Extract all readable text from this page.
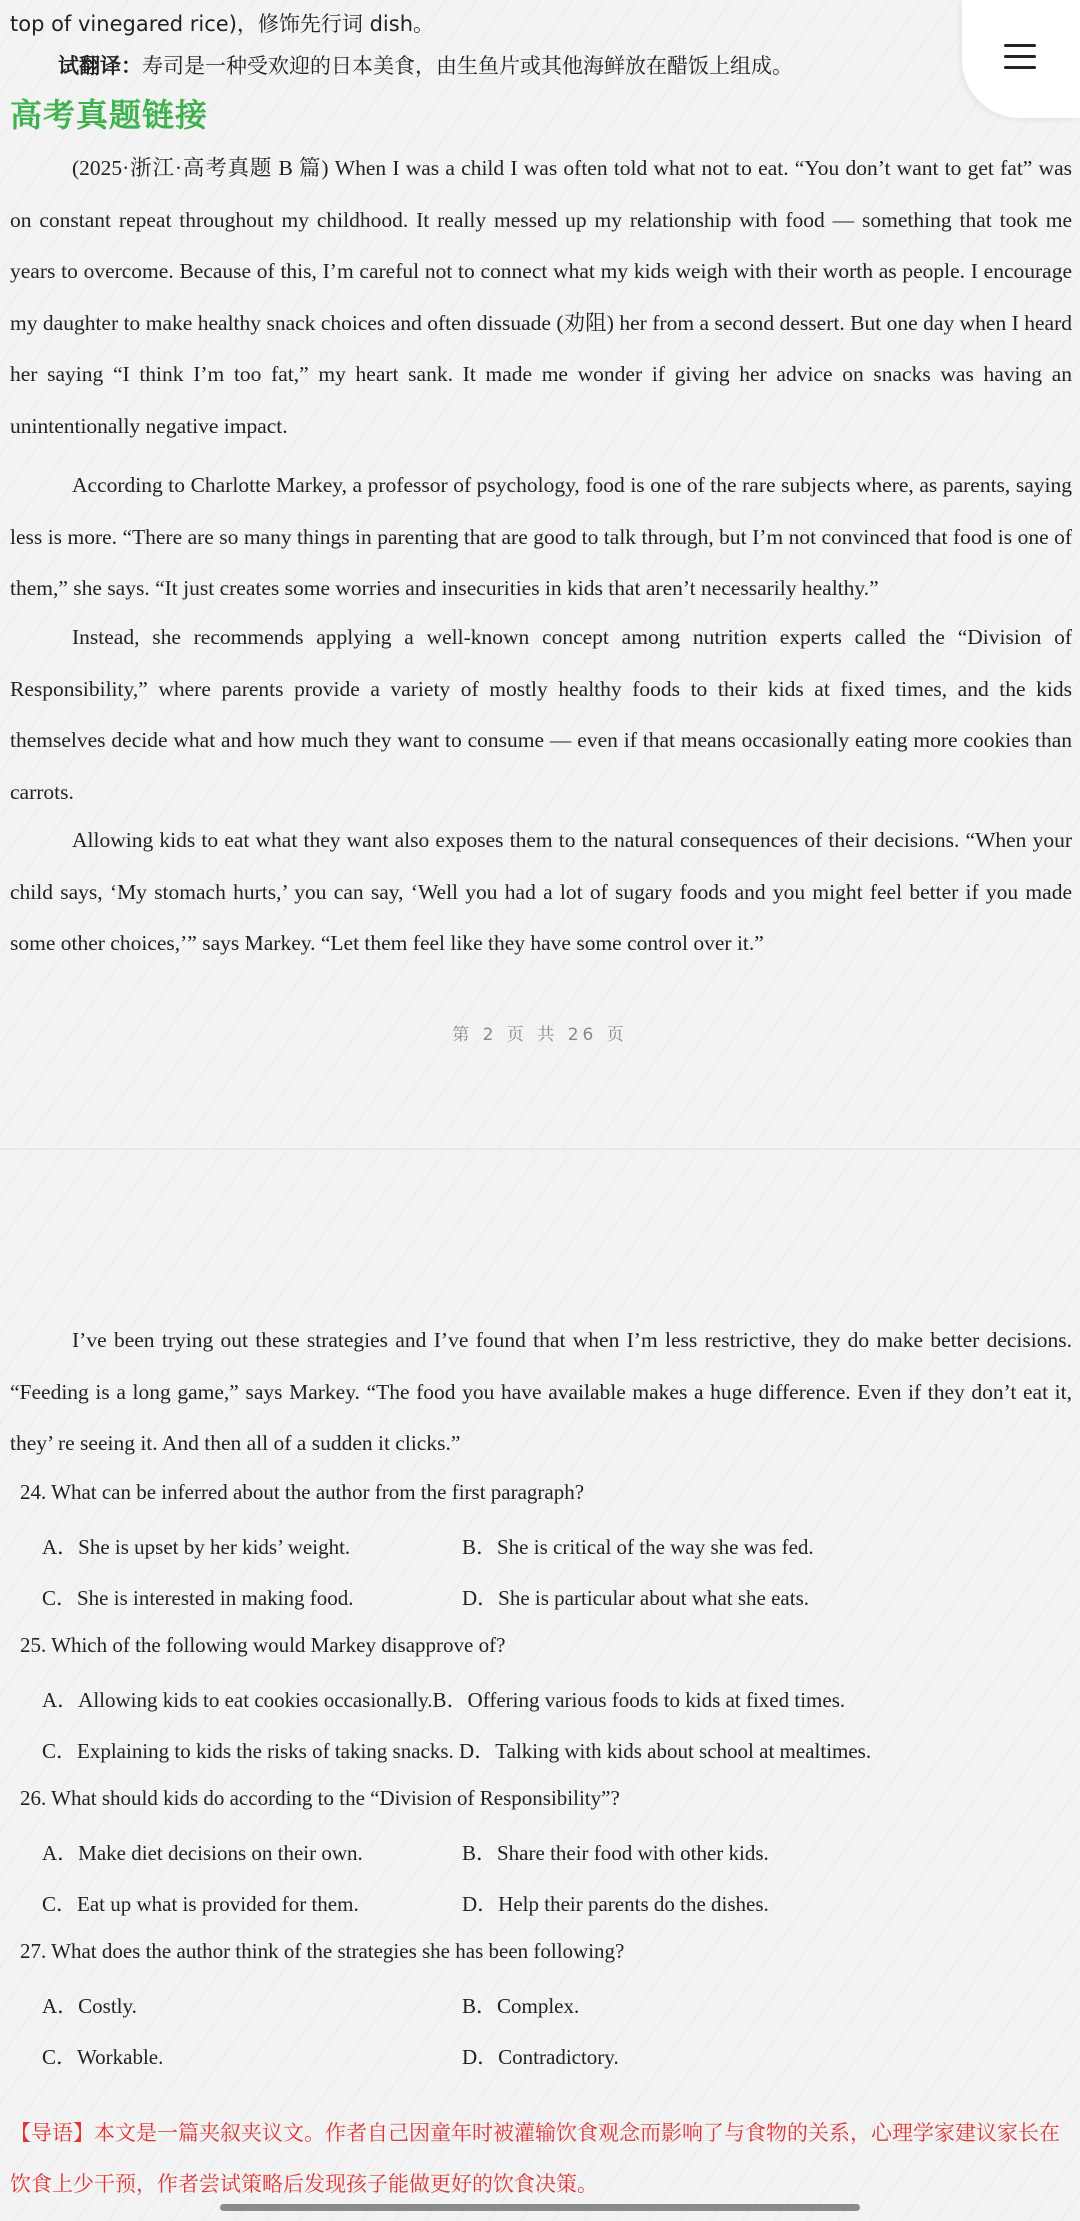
top of vinegared rice)，修饰先行词 dish。
试翻译：寿司是一种受欢迎的日本美食，由生鱼片或其他海鲜放在醋饭上组成。
高考真题链接
(2025·浙江·高考真题 B 篇) When I was a child I was often told what not to eat. “You don’t want to get fat” was on constant repeat throughout my childhood. It really messed up my relationship with food — something that took me years to overcome. Because of this, I’m careful not to connect what my kids weigh with their worth as people. I encourage my daughter to make healthy snack choices and often dissuade (劝阻) her from a second dessert. But one day when I heard her saying “I think I’m too fat,” my heart sank. It made me wonder if giving her advice on snacks was having an unintentionally negative impact.
According to Charlotte Markey, a professor of psychology, food is one of the rare subjects where, as parents, saying less is more. “There are so many things in parenting that are good to talk through, but I’m not convinced that food is one of them,” she says. “It just creates some worries and insecurities in kids that aren’t necessarily healthy.”
Instead, she recommends applying a well-known concept among nutrition experts called the “Division of Responsibility,” where parents provide a variety of mostly healthy foods to their kids at fixed times, and the kids themselves decide what and how much they want to consume — even if that means occasionally eating more cookies than carrots.
Allowing kids to eat what they want also exposes them to the natural consequences of their decisions. “When your child says, ‘My stomach hurts,’ you can say, ‘Well you had a lot of sugary foods and you might feel better if you made some other choices,’” says Markey. “Let them feel like they have some control over it.”
第 2 页 共 26 页
I’ve been trying out these strategies and I’ve found that when I’m less restrictive, they do make better decisions. “Feeding is a long game,” says Markey. “The food you have available makes a huge difference. Even if they don’t eat it, they’ re seeing it. And then all of a sudden it clicks.”
24. What can be inferred about the author from the first paragraph?
A．She is upset by her kids’ weight.	B．She is critical of the way she was fed.
C．She is interested in making food.	D．She is particular about what she eats.
25. Which of the following would Markey disapprove of?
A．Allowing kids to eat cookies occasionally.B．Offering various foods to kids at fixed times.
C．Explaining to kids the risks of taking snacks. D．Talking with kids about school at mealtimes.
26. What should kids do according to the “Division of Responsibility”?
A．Make diet decisions on their own.	B．Share their food with other kids.
C．Eat up what is provided for them.	D．Help their parents do the dishes.
27. What does the author think of the strategies she has been following?
A．Costly.	B．Complex.
C．Workable.	D．Contradictory.
【导语】本文是一篇夹叙夹议文。作者自己因童年时被灌输饮食观念而影响了与食物的关系，心理学家建议家长在饮食上少干预，作者尝试策略后发现孩子能做更好的饮食决策。
